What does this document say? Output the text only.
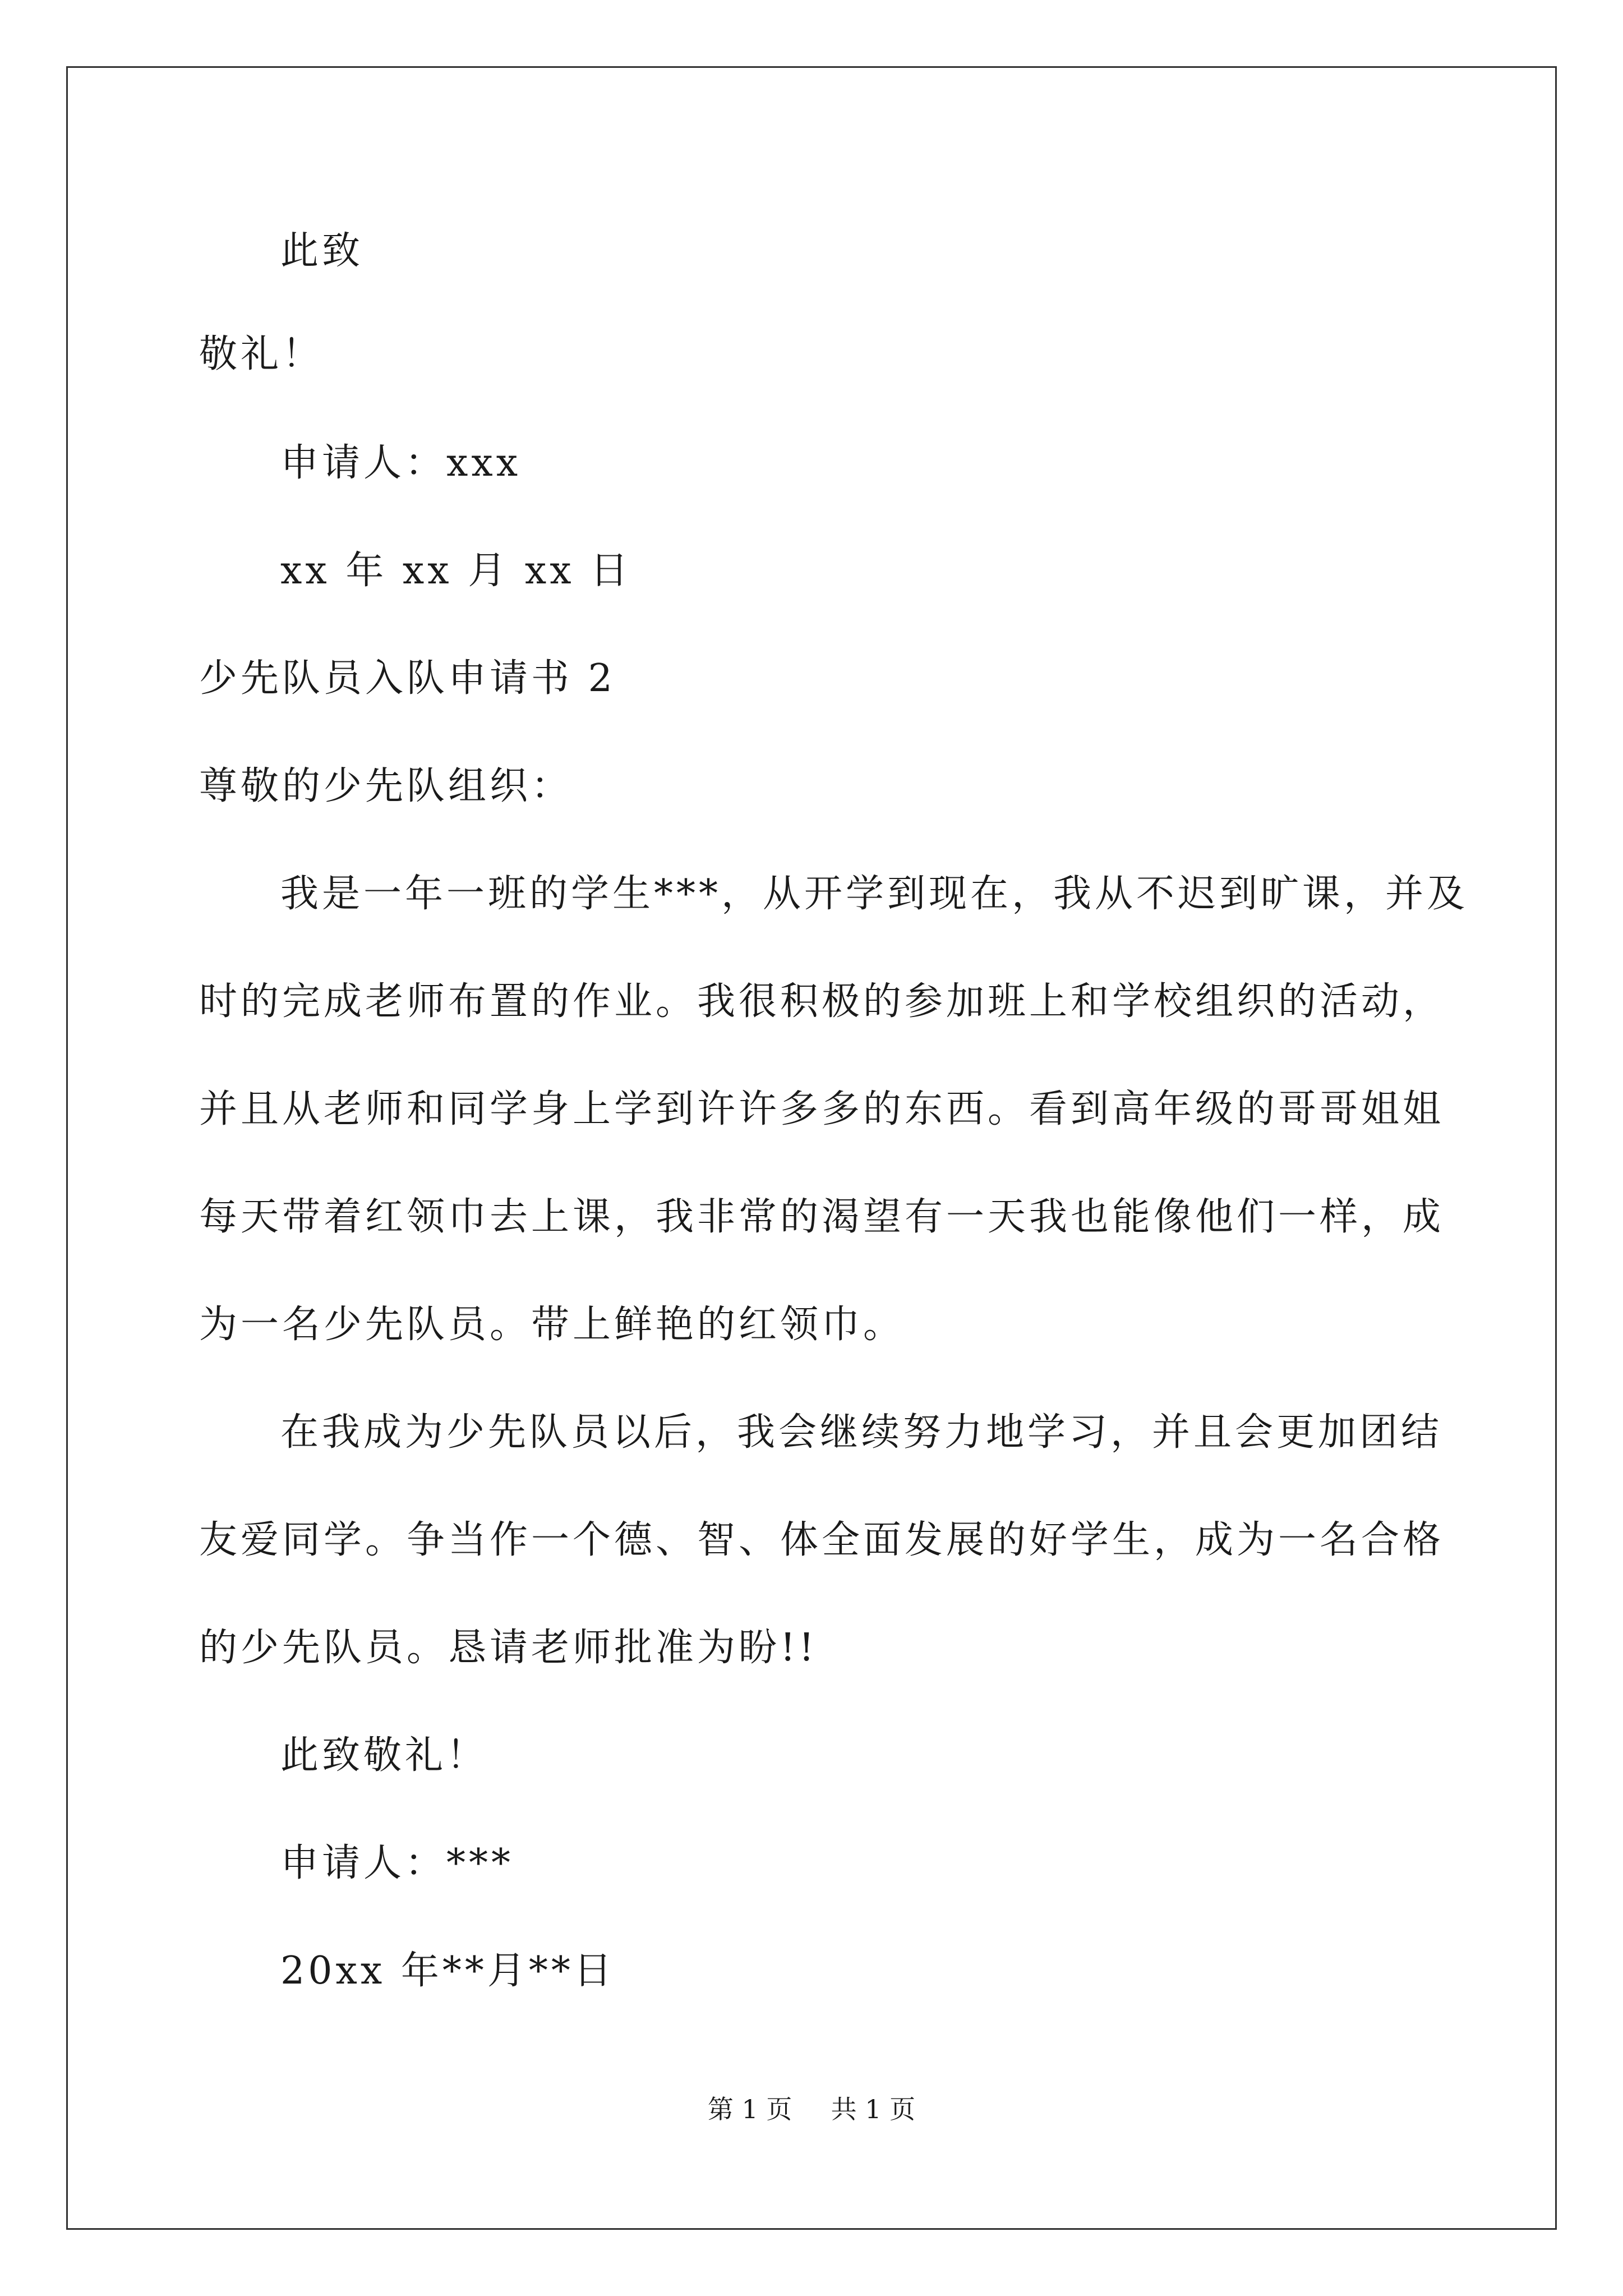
此致
敬礼！
申请人：xxx
xx 年 xx 月 xx 日
少先队员入队申请书 2
尊敬的少先队组织：
我是一年一班的学生***，从开学到现在，我从不迟到旷课，并及
时的完成老师布置的作业。我很积极的参加班上和学校组织的活动，
并且从老师和同学身上学到许许多多的东西。看到高年级的哥哥姐姐
每天带着红领巾去上课，我非常的渴望有一天我也能像他们一样，成
为一名少先队员。带上鲜艳的红领巾。
在我成为少先队员以后，我会继续努力地学习，并且会更加团结
友爱同学。争当作一个德、智、体全面发展的好学生，成为一名合格
的少先队员。恳请老师批准为盼!!
此致敬礼！
申请人：***
20xx 年**月**日
第 1 页 共 1 页
